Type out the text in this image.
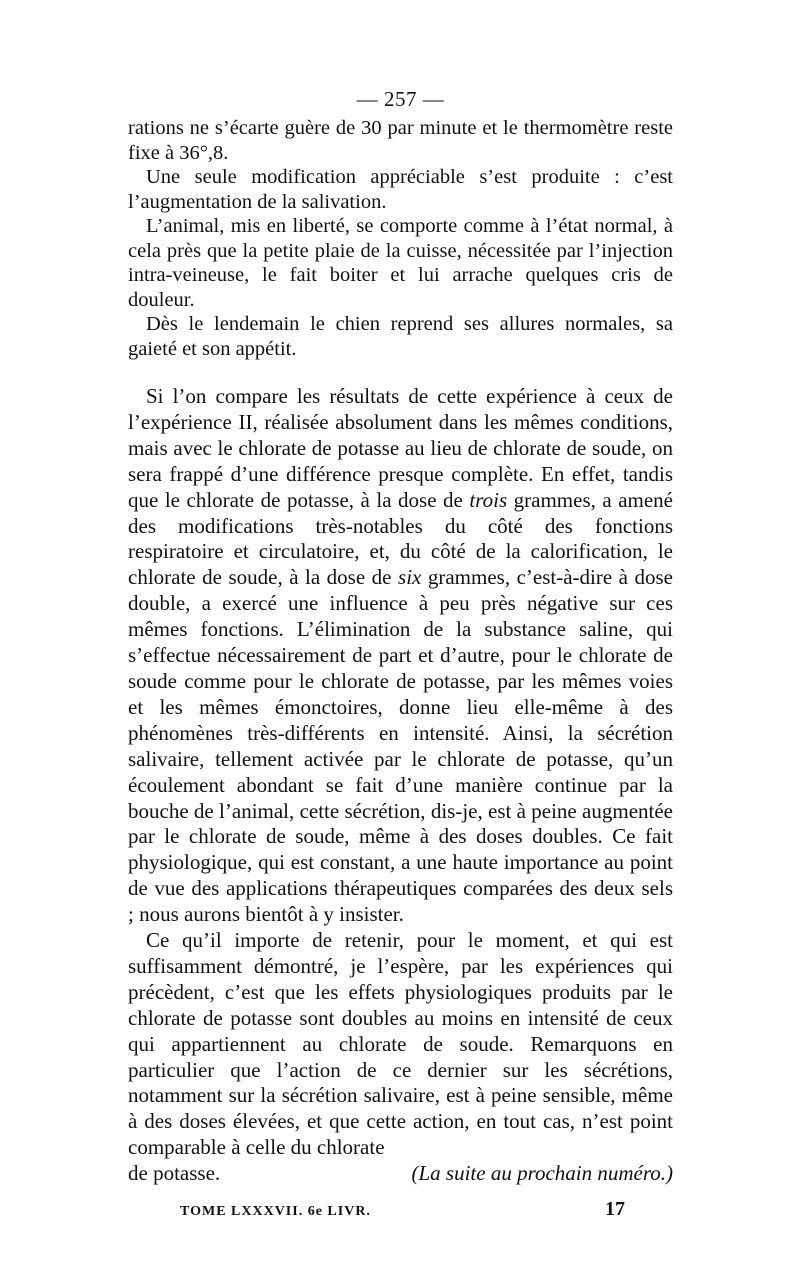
— 257 —

rations ne s’écarte guère de 30 par minute et le thermomètre reste fixe à 36°,8.

Une seule modification appréciable s’est produite : c’est l’augmentation de la salivation.

L’animal, mis en liberté, se comporte comme à l’état normal, à cela près que la petite plaie de la cuisse, nécessitée par l’injection intra-veineuse, le fait boiter et lui arrache quelques cris de douleur.

Dès le lendemain le chien reprend ses allures normales, sa gaieté et son appétit.

Si l’on compare les résultats de cette expérience à ceux de l’expérience II, réalisée absolument dans les mêmes conditions, mais avec le chlorate de potasse au lieu de chlorate de soude, on sera frappé d’une différence presque complète. En effet, tandis que le chlorate de potasse, à la dose de trois grammes, a amené des modifications très-notables du côté des fonctions respiratoire et circulatoire, et, du côté de la calorification, le chlorate de soude, à la dose de six grammes, c’est-à-dire à dose double, a exercé une influence à peu près négative sur ces mêmes fonctions. L’élimination de la substance saline, qui s’effectue nécessairement de part et d’autre, pour le chlorate de soude comme pour le chlorate de potasse, par les mêmes voies et les mêmes émonctoires, donne lieu elle-même à des phénomènes très-différents en intensité. Ainsi, la sécrétion salivaire, tellement activée par le chlorate de potasse, qu’un écoulement abondant se fait d’une manière continue par la bouche de l’animal, cette sécrétion, dis-je, est à peine augmentée par le chlorate de soude, même à des doses doubles. Ce fait physiologique, qui est constant, a une haute importance au point de vue des applications thérapeutiques comparées des deux sels ; nous aurons bientôt à y insister.

Ce qu’il importe de retenir, pour le moment, et qui est suffisamment démontré, je l’espère, par les expériences qui précèdent, c’est que les effets physiologiques produits par le chlorate de potasse sont doubles au moins en intensité de ceux qui appartiennent au chlorate de soude. Remarquons en particulier que l’action de ce dernier sur les sécrétions, notamment sur la sécrétion salivaire, est à peine sensible, même à des doses élevées, et que cette action, en tout cas, n’est point comparable à celle du chlorate

de potasse.	(La suite au prochain numéro.)
TOME LXXXVII. 6e LIVR.	17
